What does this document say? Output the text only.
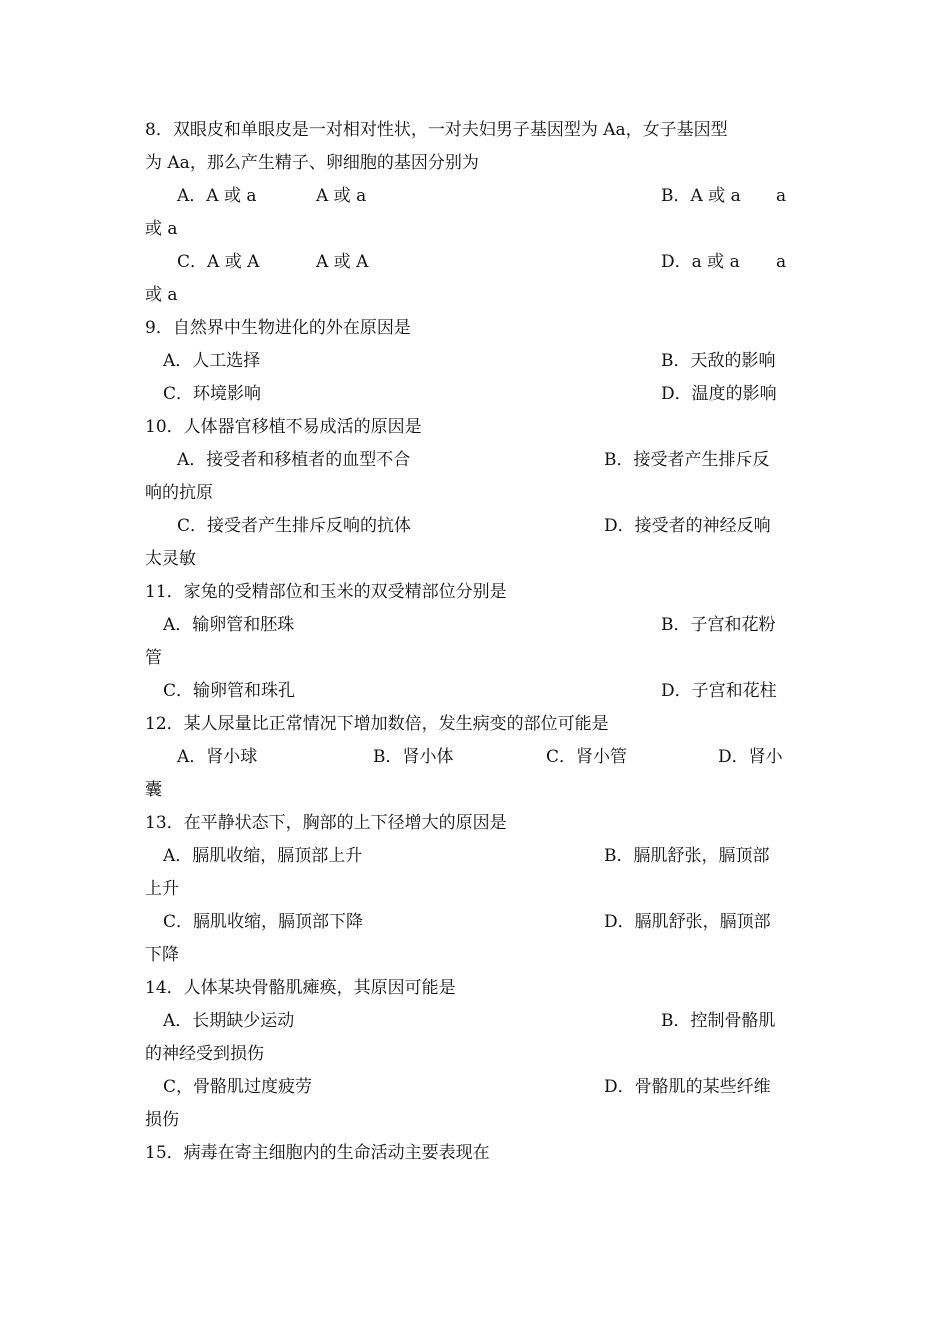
8．双眼皮和单眼皮是一对相对性状，一对夫妇男子基因型为 Aa，女子基因型
为 Aa，那么产生精子、卵细胞的基因分别为
A．A 或 a	A 或 a	B．A 或 a a
或 a
C．A 或 A	A 或 A	D．a 或 a a
或 a
9．自然界中生物进化的外在原因是
A．人工选择	B．天敌的影响
C．环境影响	D．温度的影响
10．人体器官移植不易成活的原因是
A．接受者和移植者的血型不合	B．接受者产生排斥反
响的抗原
C．接受者产生排斥反响的抗体	D．接受者的神经反响
太灵敏
11．家兔的受精部位和玉米的双受精部位分别是
A．输卵管和胚珠	B．子宫和花粉
管
C．输卵管和珠孔	D．子宫和花柱
12．某人尿量比正常情况下增加数倍，发生病变的部位可能是
A．肾小球	B．肾小体	C．肾小管	D．肾小
囊
13．在平静状态下，胸部的上下径增大的原因是
A．膈肌收缩，膈顶部上升	B．膈肌舒张，膈顶部
上升
C．膈肌收缩，膈顶部下降	D．膈肌舒张，膈顶部
下降
14．人体某块骨骼肌瘫痪，其原因可能是
A．长期缺少运动	B．控制骨骼肌
的神经受到损伤
C，骨骼肌过度疲劳	D．骨骼肌的某些纤维
损伤
15．病毒在寄主细胞内的生命活动主要表现在
